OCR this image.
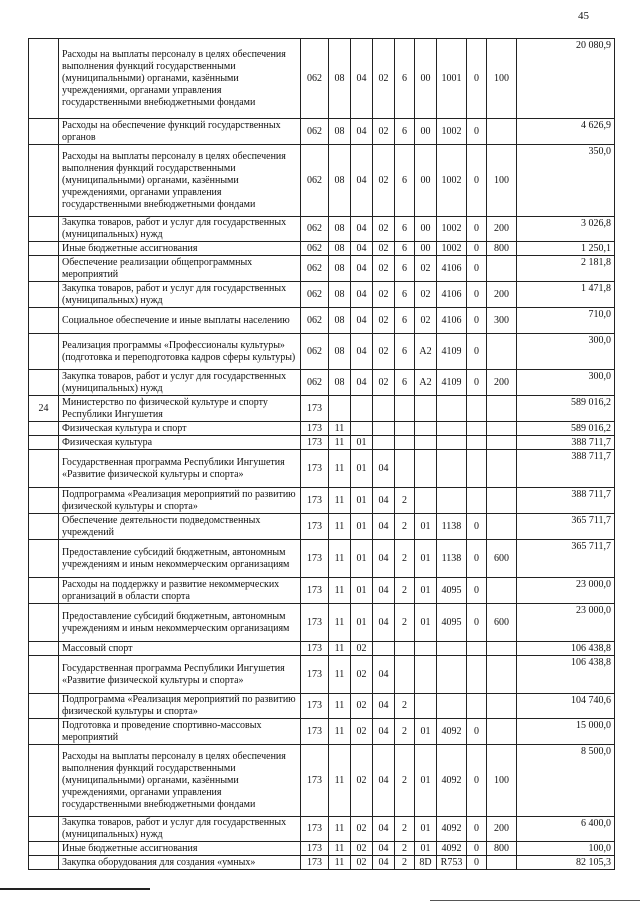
45
	Расходы на выплаты персоналу в целях обеспечения выполнения функций государственными (муниципальными) органами, казёнными учреждениями, органами управления государственными внебюджетными фондами	062	08	04	02	6	00	1001	0	100	20 080,9
	Расходы на обеспечение функций государственных органов	062	08	04	02	6	00	1002	0		4 626,9
	Расходы на выплаты персоналу в целях обеспечения выполнения функций государственными (муниципальными) органами, казёнными учреждениями, органами управления государственными внебюджетными фондами	062	08	04	02	6	00	1002	0	100	350,0
	Закупка товаров, работ и услуг для государственных (муниципальных) нужд	062	08	04	02	6	00	1002	0	200	3 026,8
	Иные бюджетные ассигнования	062	08	04	02	6	00	1002	0	800	1 250,1
	Обеспечение реализации общепрограммных мероприятий	062	08	04	02	6	02	4106	0		2 181,8
	Закупка товаров, работ и услуг для государственных (муниципальных) нужд	062	08	04	02	6	02	4106	0	200	1 471,8
	Социальное обеспечение и иные выплаты населению	062	08	04	02	6	02	4106	0	300	710,0
	Реализация программы «Профессионалы культуры» (подготовка и переподготовка кадров сферы культуры)	062	08	04	02	6	A2	4109	0		300,0
	Закупка товаров, работ и услуг для государственных (муниципальных) нужд	062	08	04	02	6	A2	4109	0	200	300,0
24	Министерство по физической культуре и спорту Республики Ингушетия	173									589 016,2
	Физическая культура и спорт	173	11								589 016,2
	Физическая культура	173	11	01							388 711,7
	Государственная программа Республики Ингушетия «Развитие физической культуры и спорта»	173	11	01	04						388 711,7
	Подпрограмма «Реализация мероприятий по развитию физической культуры и спорта»	173	11	01	04	2					388 711,7
	Обеспечение деятельности подведомственных учреждений	173	11	01	04	2	01	1138	0		365 711,7
	Предоставление субсидий бюджетным, автономным учреждениям и иным некоммерческим организациям	173	11	01	04	2	01	1138	0	600	365 711,7
	Расходы на поддержку и развитие некоммерческих организаций в области спорта	173	11	01	04	2	01	4095	0		23 000,0
	Предоставление субсидий бюджетным, автономным учреждениям и иным некоммерческим организациям	173	11	01	04	2	01	4095	0	600	23 000,0
	Массовый спорт	173	11	02							106 438,8
	Государственная программа Республики Ингушетия «Развитие физической культуры и спорта»	173	11	02	04						106 438,8
	Подпрограмма «Реализация мероприятий по развитию физической культуры и спорта»	173	11	02	04	2					104 740,6
	Подготовка и проведение спортивно-массовых мероприятий	173	11	02	04	2	01	4092	0		15 000,0
	Расходы на выплаты персоналу в целях обеспечения выполнения функций государственными (муниципальными) органами, казёнными учреждениями, органами управления государственными внебюджетными фондами	173	11	02	04	2	01	4092	0	100	8 500,0
	Закупка товаров, работ и услуг для государственных (муниципальных) нужд	173	11	02	04	2	01	4092	0	200	6 400,0
	Иные бюджетные ассигнования	173	11	02	04	2	01	4092	0	800	100,0
	Закупка оборудования для создания «умных»	173	11	02	04	2	8D	R753	0		82 105,3
